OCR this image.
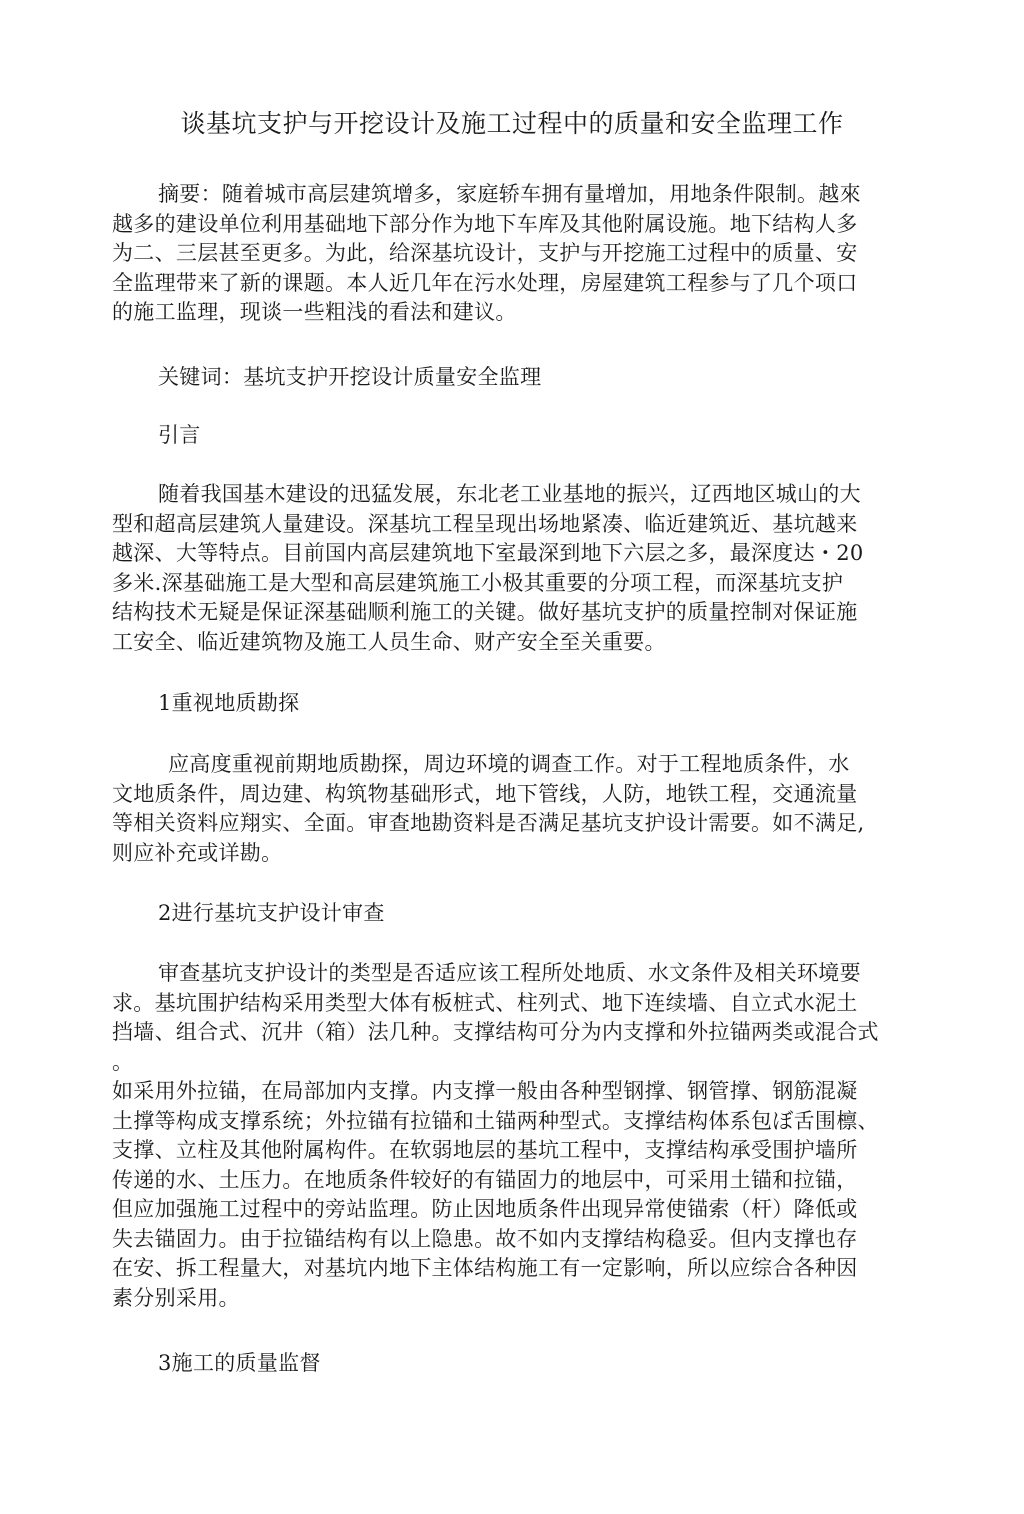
谈基坑支护与开挖设计及施工过程中的质量和安全监理工作
摘要：随着城市高层建筑增多，家庭轿车拥有量增加，用地条件限制。越來
越多的建设单位利用基础地下部分作为地下车库及其他附属设施。地下结构人多
为二、三层甚至更多。为此，给深基坑设计，支护与开挖施工过程中的质量、安
全监理带来了新的课题。本人近几年在污水处理，房屋建筑工程参与了几个项口
的施工监理，现谈一些粗浅的看法和建议。
关键词：基坑支护开挖设计质量安全监理
引言
随着我国基木建设的迅猛发展，东北老工业基地的振兴，辽西地区城山的大
型和超高层建筑人量建设。深基坑工程呈现出场地紧凑、临近建筑近、基坑越来
越深、大等特点。目前国内高层建筑地下室最深到地下六层之多，最深度达・20
多米.深基础施工是大型和高层建筑施工小极其重要的分项工程，而深基坑支护
结构技术无疑是保证深基础顺利施工的关键。做好基坑支护的质量控制对保证施
工安全、临近建筑物及施工人员生命、财产安全至关重要。
1重视地质勘探
应高度重视前期地质勘探，周边环境的调查工作。对于工程地质条件，水
文地质条件，周边建、构筑物基础形式，地下管线，人防，地铁工程，交通流量
等相关资料应翔实、全面。审查地勘资料是否满足基坑支护设计需要。如不满足,
则应补充或详勘。
2进行基坑支护设计审查
审查基坑支护设计的类型是否适应该工程所处地质、水文条件及相关环境要
求。基坑围护结构采用类型大体有板桩式、柱列式、地下连续墙、自立式水泥土
挡墙、组合式、沉井（箱）法几种。支撑结构可分为内支撑和外拉锚两类或混合式
。
如采用外拉锚，在局部加内支撑。内支撑一般由各种型钢撑、钢管撑、钢筋混凝
土撑等构成支撑系统；外拉锚有拉锚和土锚两种型式。支撑结构体系包ぼ舌围檩、
支撑、立柱及其他附属构件。在软弱地层的基坑工程中，支撑结构承受围护墙所
传递的水、土压力。在地质条件较好的有锚固力的地层中，可采用土锚和拉锚，
但应加强施工过程中的旁站监理。防止因地质条件出现异常使锚索（杆）降低或
失去锚固力。由于拉锚结构有以上隐患。故不如内支撑结构稳妥。但内支撑也存
在安、拆工程量大，对基坑内地下主体结构施工有一定影响，所以应综合各种因
素分别采用。
3施工的质量监督
